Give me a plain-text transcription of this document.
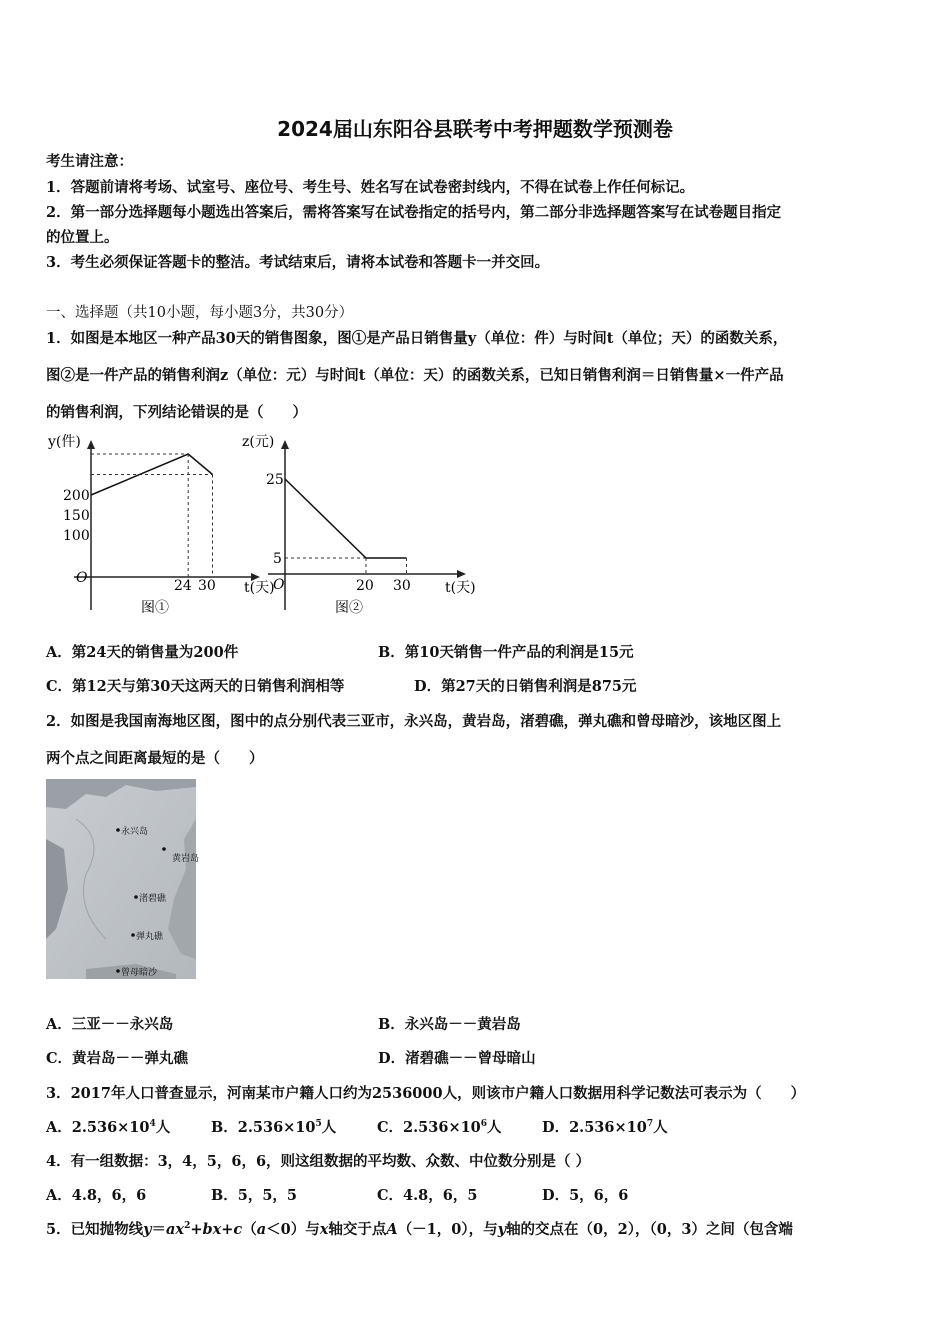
2024届山东阳谷县联考中考押题数学预测卷
考生请注意：
1．答题前请将考场、试室号、座位号、考生号、姓名写在试卷密封线内，不得在试卷上作任何标记。
2．第一部分选择题每小题选出答案后，需将答案写在试卷指定的括号内，第二部分非选择题答案写在试卷题目指定
的位置上。
3．考生必须保证答题卡的整洁。考试结束后，请将本试卷和答题卡一并交回。
一、选择题（共10小题，每小题3分，共30分）
1．如图是本地区一种产品30天的销售图象，图①是产品日销售量y（单位：件）与时间t（单位；天）的函数关系，
图②是一件产品的销售利润z（单位：元）与时间t（单位：天）的函数关系，已知日销售利润＝日销售量×一件产品
的销售利润，下列结论错误的是（　　）
y(件)
t(天)
O
200
150
100
24 30
图①
z(元)
t(天)
O
25
5
20 30
图②
A．第24天的销售量为200件	B．第10天销售一件产品的利润是15元
C．第12天与第30天这两天的日销售利润相等	D．第27天的日销售利润是875元
2．如图是我国南海地区图，图中的点分别代表三亚市，永兴岛，黄岩岛，渚碧礁，弹丸礁和曾母暗沙，该地区图上
两个点之间距离最短的是（　　）
永兴岛
黄岩岛
渚碧礁
弹丸礁
曾母暗沙
A．三亚－－永兴岛	B．永兴岛－－黄岩岛
C．黄岩岛－－弹丸礁	D．渚碧礁－－曾母暗山
3．2017年人口普查显示，河南某市户籍人口约为2536000人，则该市户籍人口数据用科学记数法可表示为（　　）
A．$2.536\times 10^4$人	B．$2.536\times 10^5$人	C．$2.536\times 10^6$人	D．$2.536\times 10^7$人
4．有一组数据：3，4，5，6，6，则这组数据的平均数、众数、中位数分别是（ ）
A．4.8，6，6	B．5，5，5	C．4.8，6，5	D．5，6，6
5．已知抛物线$y=ax^2+bx+c(a<0)$与x轴交于点A（－1，0），与y轴的交点在（0，2），（0，3）之间（包含端
